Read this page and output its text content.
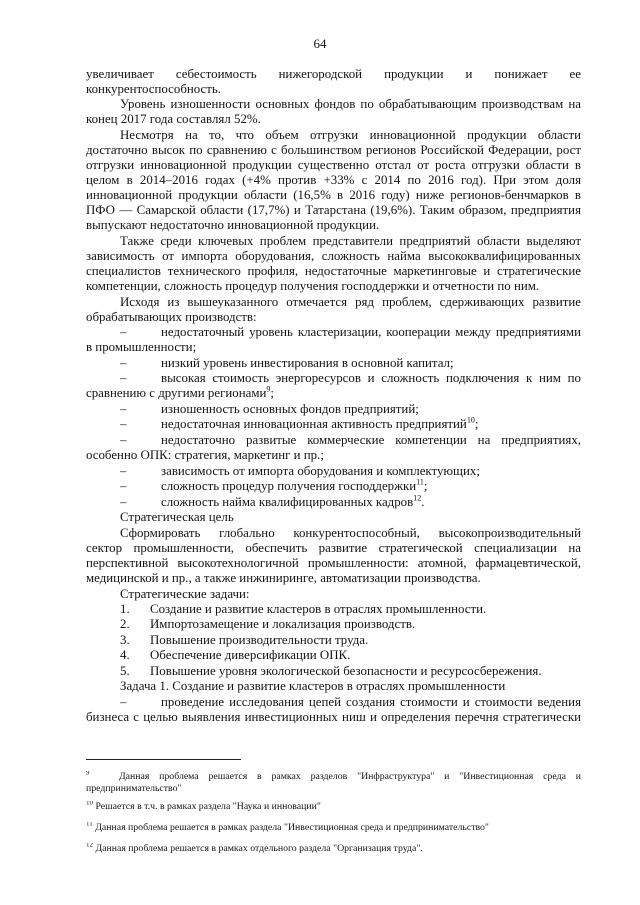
64
увеличивает себестоимость нижегородской продукции и понижает ее
конкурентоспособность.
Уровень изношенности основных фондов по обрабатывающим производствам на
конец 2017 года составлял 52%.
Несмотря на то, что объем отгрузки инновационной продукции области
достаточно высок по сравнению с большинством регионов Российской Федерации, рост
отгрузки инновационной продукции существенно отстал от роста отгрузки области в
целом в 2014–2016 годах (+4% против +33% с 2014 по 2016 год). При этом доля
инновационной продукции области (16,5% в 2016 году) ниже регионов-бенчмарков в
ПФО — Самарской области (17,7%) и Татарстана (19,6%). Таким образом, предприятия
выпускают недостаточно инновационной продукции.
Также среди ключевых проблем представители предприятий области выделяют
зависимость от импорта оборудования, сложность найма высококвалифицированных
специалистов технического профиля, недостаточные маркетинговые и стратегические
компетенции, сложность процедур получения господдержки и отчетности по ним.
Исходя из вышеуказанного отмечается ряд проблем, сдерживающих развитие
обрабатывающих производств:
–	недостаточный уровень кластеризации, кооперации между предприятиями
в промышленности;
–	низкий уровень инвестирования в основной капитал;
–	высокая стоимость энергоресурсов и сложность подключения к ним по
сравнению с другими регионами$^9$;
–	изношенность основных фондов предприятий;
–	недостаточная инновационная активность предприятий$^{10}$;
–	недостаточно развитые коммерческие компетенции на предприятиях,
особенно ОПК: стратегия, маркетинг и пр.;
–	зависимость от импорта оборудования и комплектующих;
–	сложность процедур получения господдержки$^{11}$;
–	сложность найма квалифицированных кадров$^{12}$.
Стратегическая цель
Сформировать глобально конкурентоспособный, высокопроизводительный
сектор промышленности, обеспечить развитие стратегической специализации на
перспективной высокотехнологичной промышленности: атомной, фармацевтической,
медицинской и пр., а также инжиниринге, автоматизации производства.
Стратегические задачи:
1. Создание и развитие кластеров в отраслях промышленности.
2. Импортозамещение и локализация производств.
3. Повышение производительности труда.
4. Обеспечение диверсификации ОПК.
5. Повышение уровня экологической безопасности и ресурсосбережения.
Задача 1. Создание и развитие кластеров в отраслях промышленности
–	проведение исследования цепей создания стоимости и стоимости ведения
бизнеса с целью выявления инвестиционных ниш и определения перечня стратегически
$^9$	Данная проблема решается в рамках разделов "Инфраструктура" и "Инвестиционная среда и
предпринимательство"
$^{10}$ Решается в т.ч. в рамках раздела "Наука и инновации"
$^{11}$ Данная проблема решается в рамках раздела "Инвестиционная среда и предпринимательство"
$^{12}$ Данная проблема решается в рамках отдельного раздела "Организация труда".
